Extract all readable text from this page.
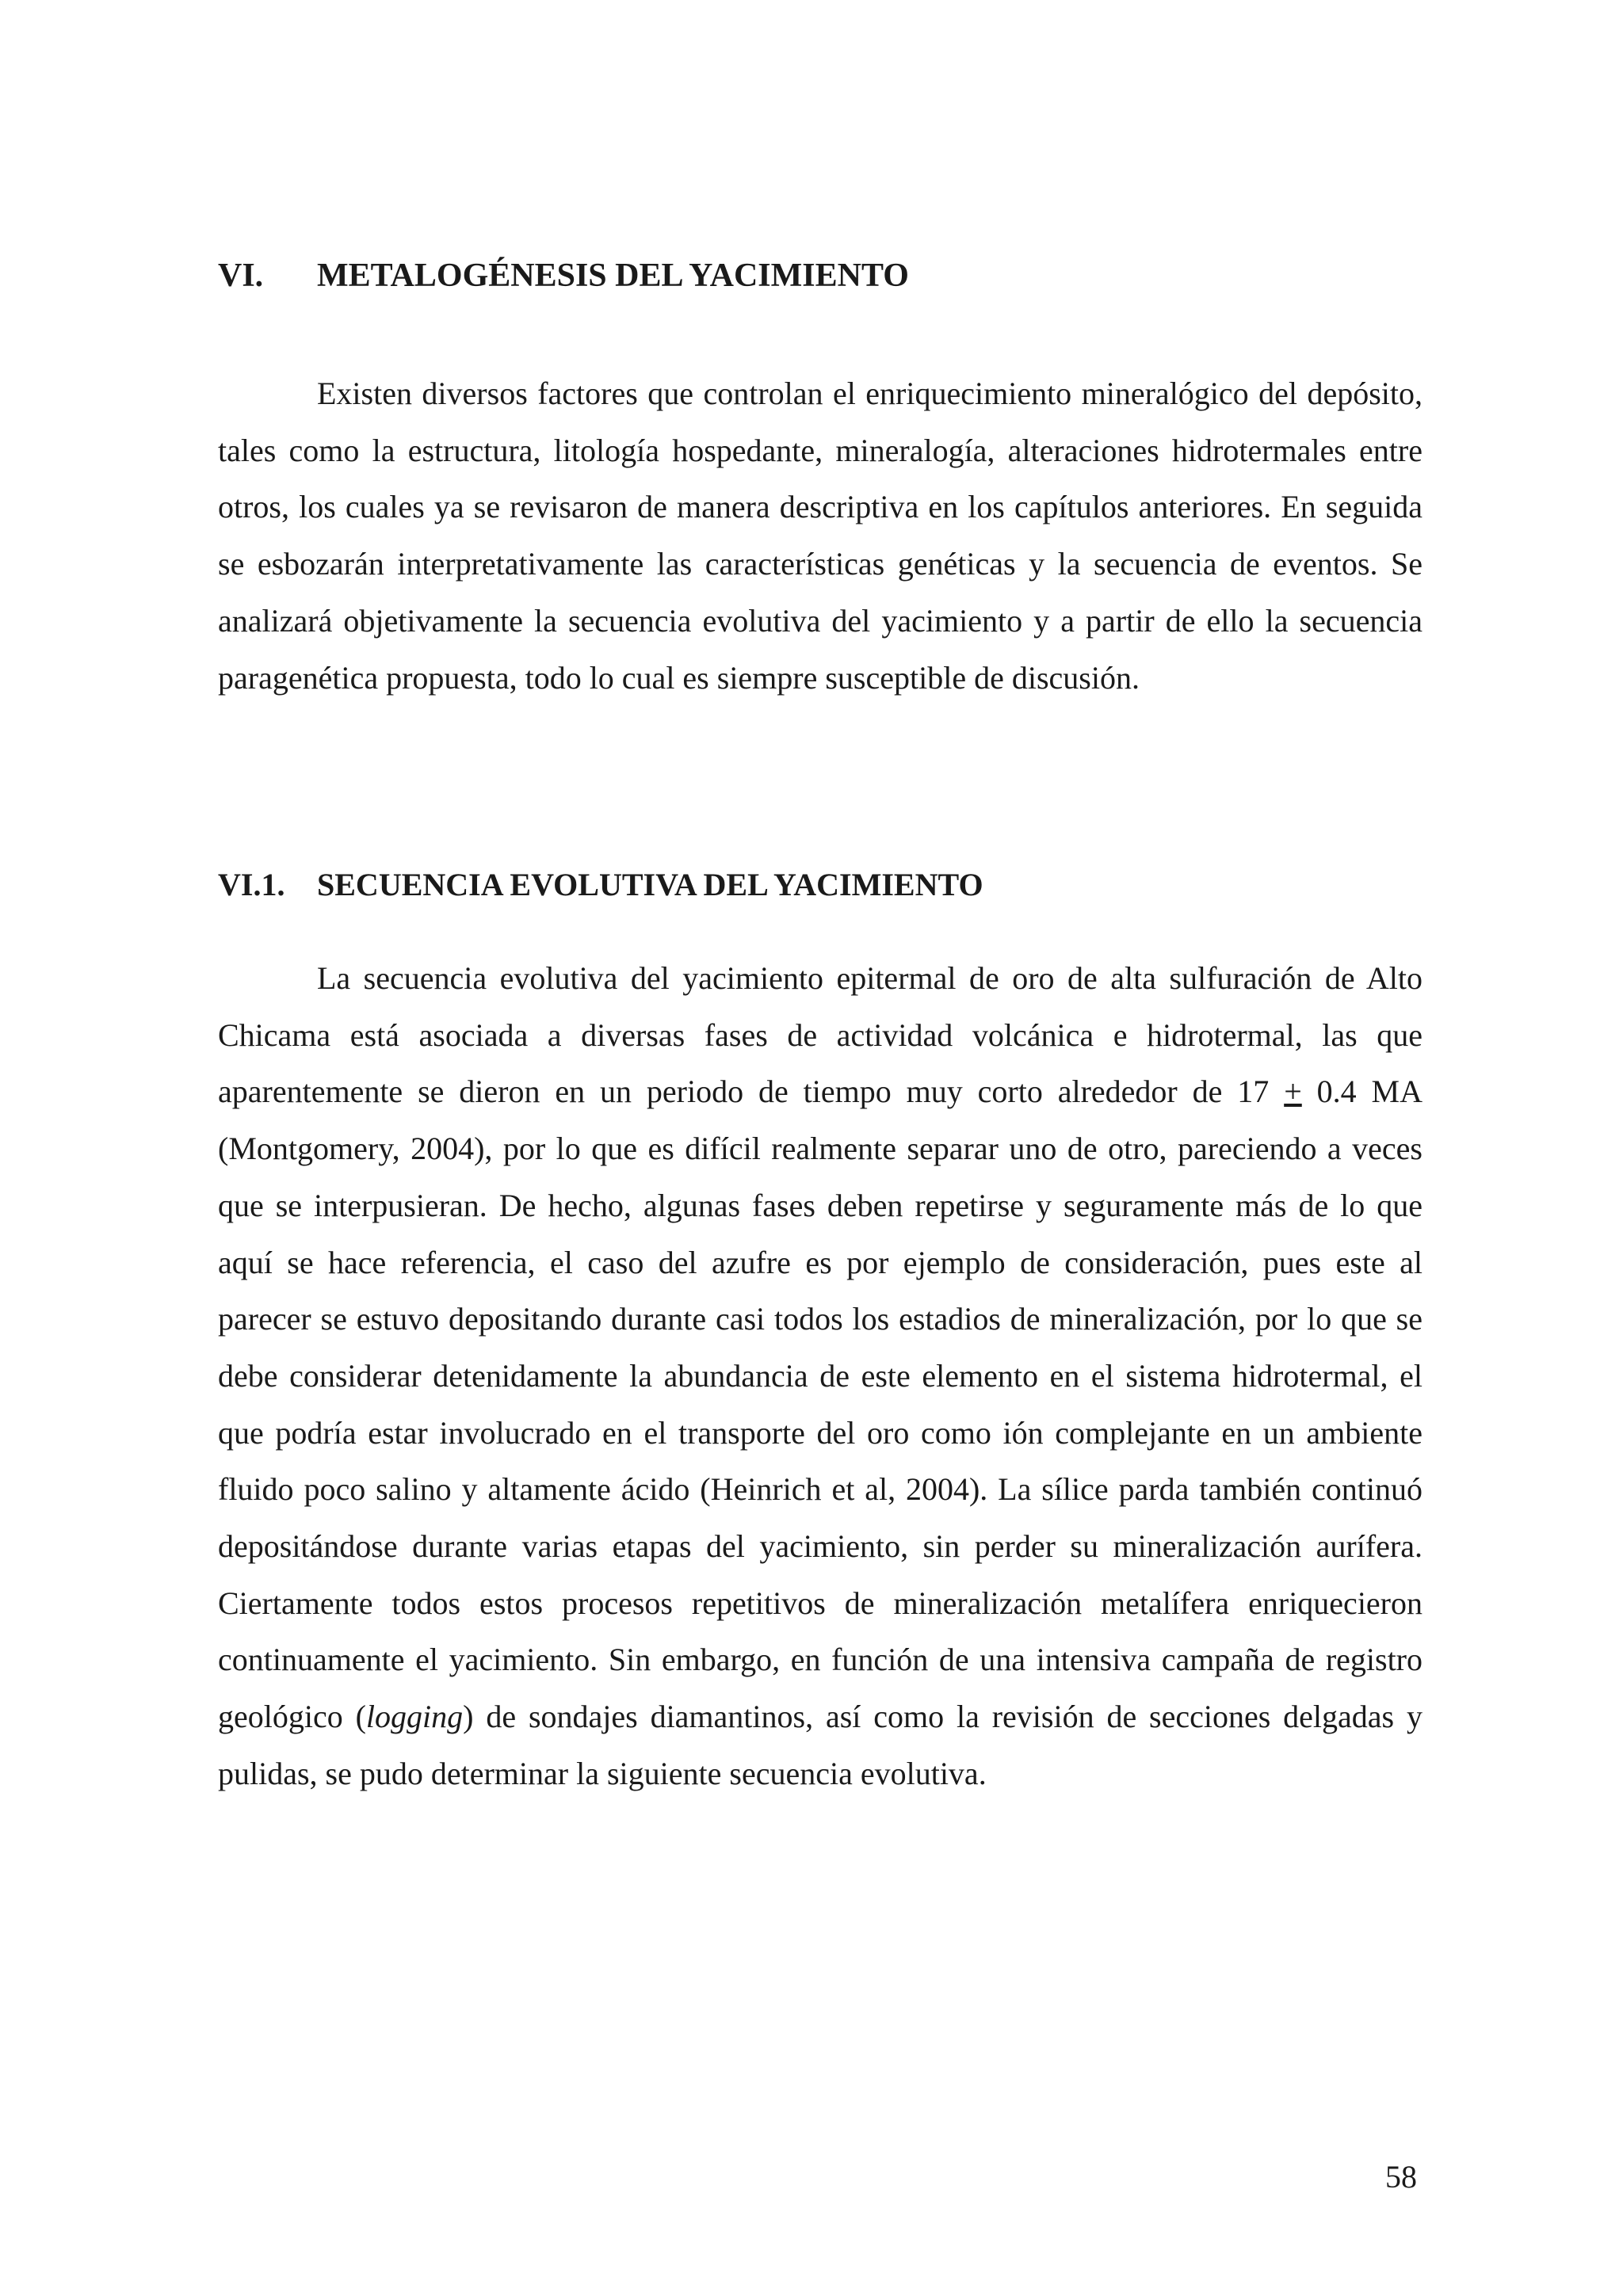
VI. METALOGÉNESIS DEL YACIMIENTO

Existen diversos factores que controlan el enriquecimiento mineralógico del depósito, tales como la estructura, litología hospedante, mineralogía, alteraciones hidrotermales entre otros, los cuales ya se revisaron de manera descriptiva en los capítulos anteriores. En seguida se esbozarán interpretativamente las características genéticas y la secuencia de eventos. Se analizará objetivamente la secuencia evolutiva del yacimiento y a partir de ello la secuencia paragenética propuesta, todo lo cual es siempre susceptible de discusión.

VI.1. SECUENCIA EVOLUTIVA DEL YACIMIENTO

La secuencia evolutiva del yacimiento epitermal de oro de alta sulfuración de Alto Chicama está asociada a diversas fases de actividad volcánica e hidrotermal, las que aparentemente se dieron en un periodo de tiempo muy corto alrededor de 17 + 0.4 MA (Montgomery, 2004), por lo que es difícil realmente separar uno de otro, pareciendo a veces que se interpusieran. De hecho, algunas fases deben repetirse y seguramente más de lo que aquí se hace referencia, el caso del azufre es por ejemplo de consideración, pues este al parecer se estuvo depositando durante casi todos los estadios de mineralización, por lo que se debe considerar detenidamente la abundancia de este elemento en el sistema hidrotermal, el que podría estar involucrado en el transporte del oro como ión complejante en un ambiente fluido poco salino y altamente ácido (Heinrich et al, 2004). La sílice parda también continuó depositándose durante varias etapas del yacimiento, sin perder su mineralización aurífera. Ciertamente todos estos procesos repetitivos de mineralización metalífera enriquecieron continuamente el yacimiento. Sin embargo, en función de una intensiva campaña de registro geológico (logging) de sondajes diamantinos, así como la revisión de secciones delgadas y pulidas, se pudo determinar la siguiente secuencia evolutiva.

58
